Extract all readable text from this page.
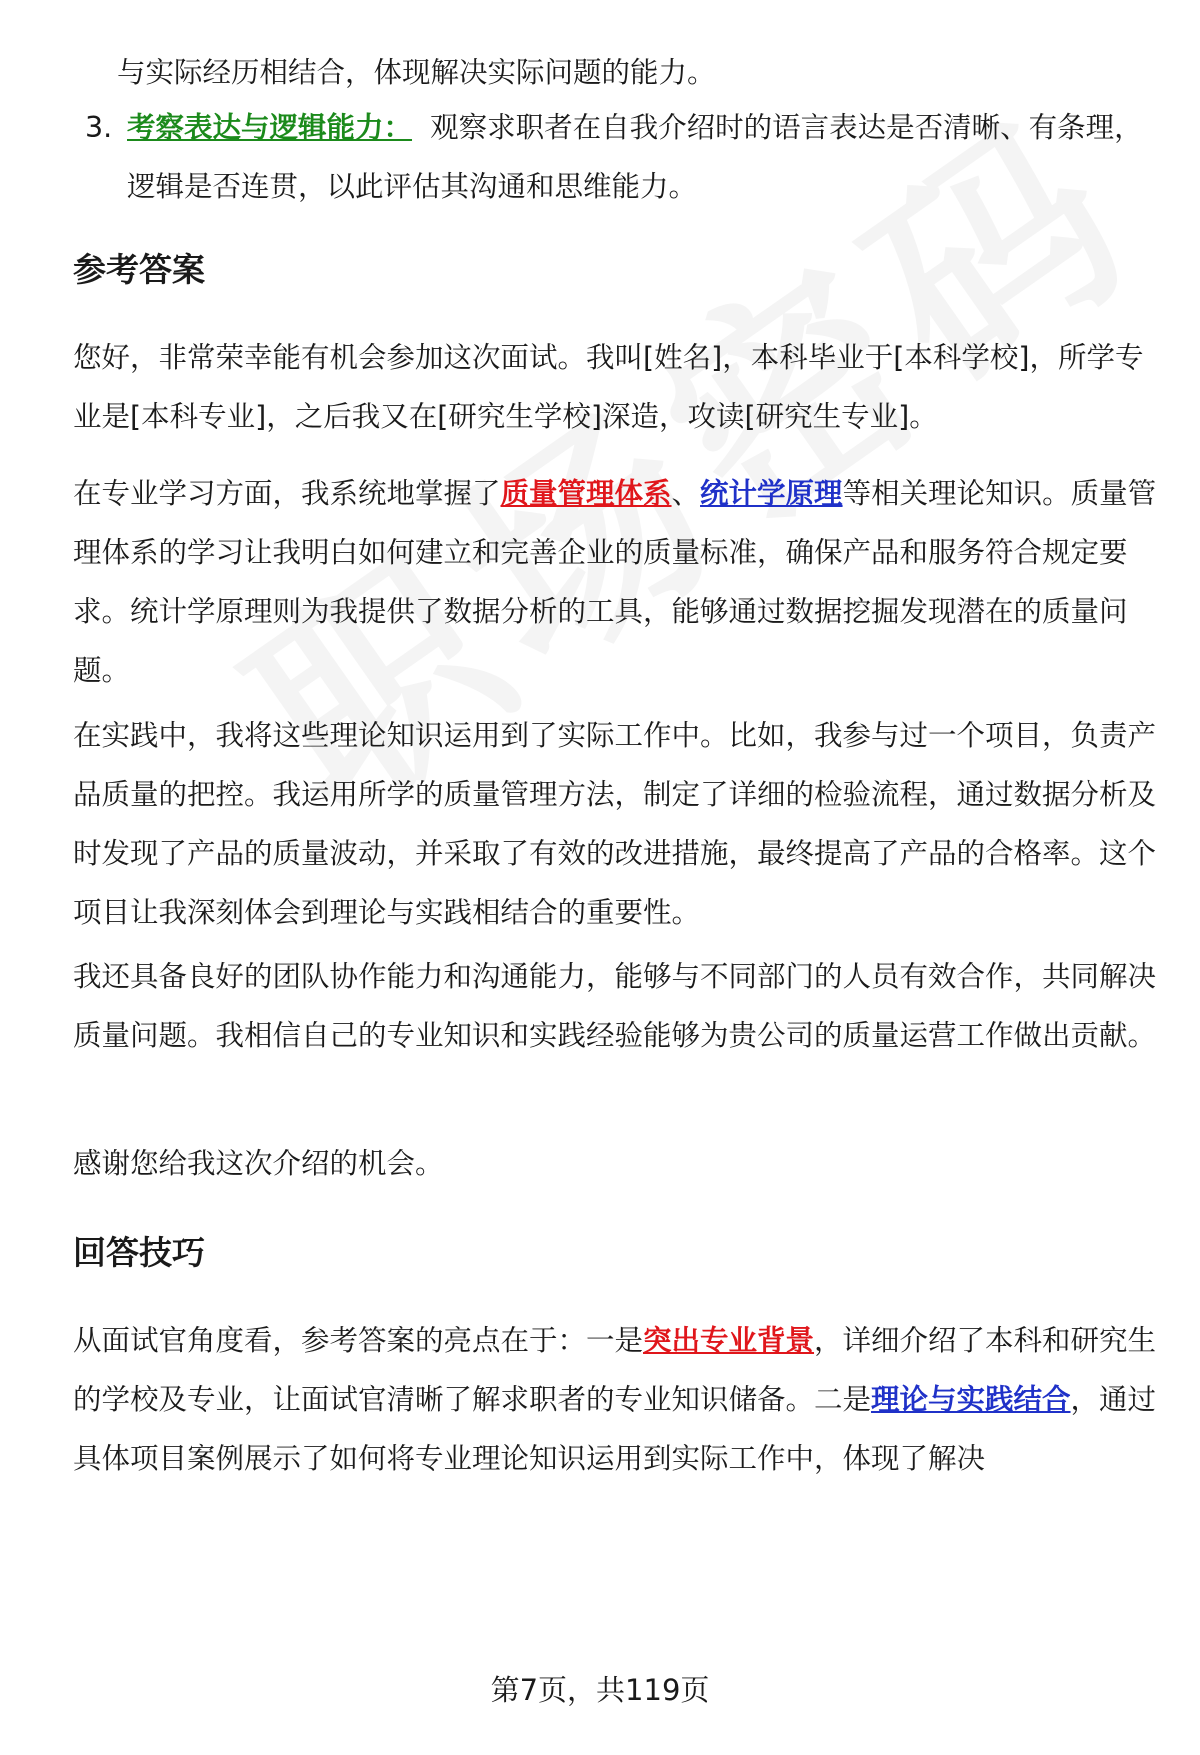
与实际经历相结合，体现解决实际问题的能力。

3. 考察表达与逻辑能力： 观察求职者在自我介绍时的语言表达是否清晰、有条理，逻辑是否连贯，以此评估其沟通和思维能力。

参考答案

您好，非常荣幸能有机会参加这次面试。我叫[姓名]，本科毕业于[本科学校]，所学专业是[本科专业]，之后我又在[研究生学校]深造，攻读[研究生专业]。

在专业学习方面，我系统地掌握了质量管理体系、统计学原理等相关理论知识。质量管理体系的学习让我明白如何建立和完善企业的质量标准，确保产品和服务符合规定要求。统计学原理则为我提供了数据分析的工具，能够通过数据挖掘发现潜在的质量问题。

在实践中，我将这些理论知识运用到了实际工作中。比如，我参与过一个项目，负责产品质量的把控。我运用所学的质量管理方法，制定了详细的检验流程，通过数据分析及时发现了产品的质量波动，并采取了有效的改进措施，最终提高了产品的合格率。这个项目让我深刻体会到理论与实践相结合的重要性。

我还具备良好的团队协作能力和沟通能力，能够与不同部门的人员有效合作，共同解决质量问题。我相信自己的专业知识和实践经验能够为贵公司的质量运营工作做出贡献。

感谢您给我这次介绍的机会。

回答技巧

从面试官角度看，参考答案的亮点在于：一是突出专业背景，详细介绍了本科和研究生的学校及专业，让面试官清晰了解求职者的专业知识储备。二是理论与实践结合，通过具体项目案例展示了如何将专业理论知识运用到实际工作中，体现了解决

第7页，共119页
